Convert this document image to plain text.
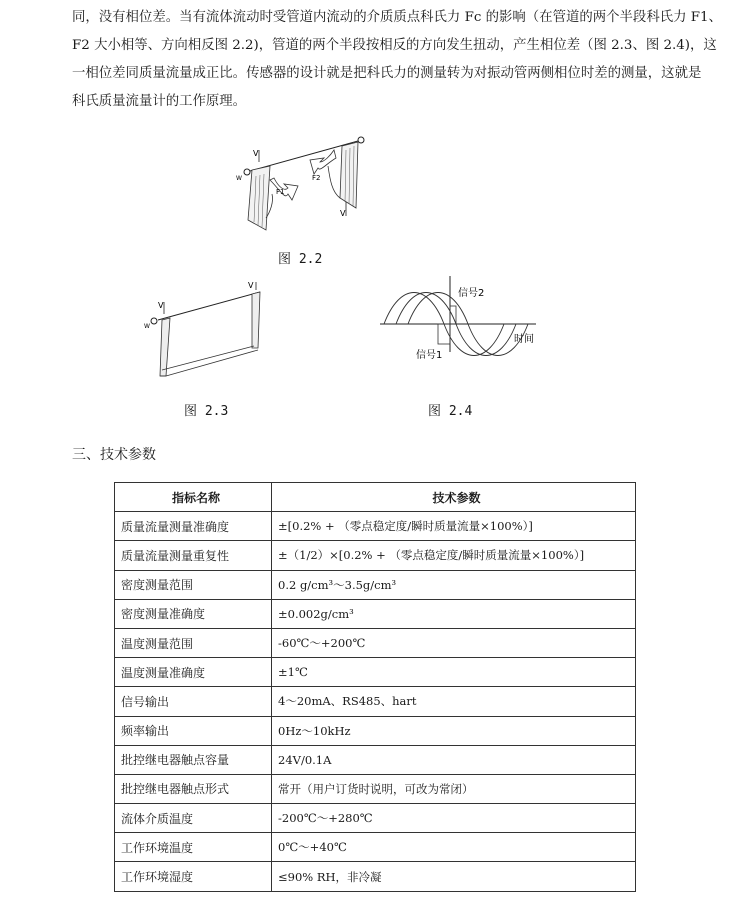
同，没有相位差。当有流体流动时受管道内流动的介质质点科氏力 Fc 的影响（在管道的两个半段科氏力 F1、
F2 大小相等、方向相反图 2.2)，管道的两个半段按相反的方向发生扭动，产生相位差（图 2.3、图 2.4)，这
一相位差同质量流量成正比。传感器的设计就是把科氏力的测量转为对振动管两侧相位时差的测量，这就是
科氏质量流量计的工作原理。
V
V
W
F1
F2
图 2.2
V
V
W
图 2.3
信号2
信号1
时间
图 2.4
三、技术参数
指标名称	技术参数
质量流量测量准确度	±[0.2% + （零点稳定度/瞬时质量流量×100%）]
质量流量测量重复性	±（1/2）×[0.2% + （零点稳定度/瞬时质量流量×100%）]
密度测量范围	0.2 g/cm³～3.5g/cm³
密度测量准确度	±0.002g/cm³
温度测量范围	-60℃～+200℃
温度测量准确度	±1℃
信号输出	4～20mA、RS485、hart
频率输出	0Hz～10kHz
批控继电器触点容量	24V/0.1A
批控继电器触点形式	常开（用户订货时说明，可改为常闭）
流体介质温度	-200℃～+280℃
工作环境温度	0℃～+40℃
工作环境湿度	≤90% RH，非冷凝
